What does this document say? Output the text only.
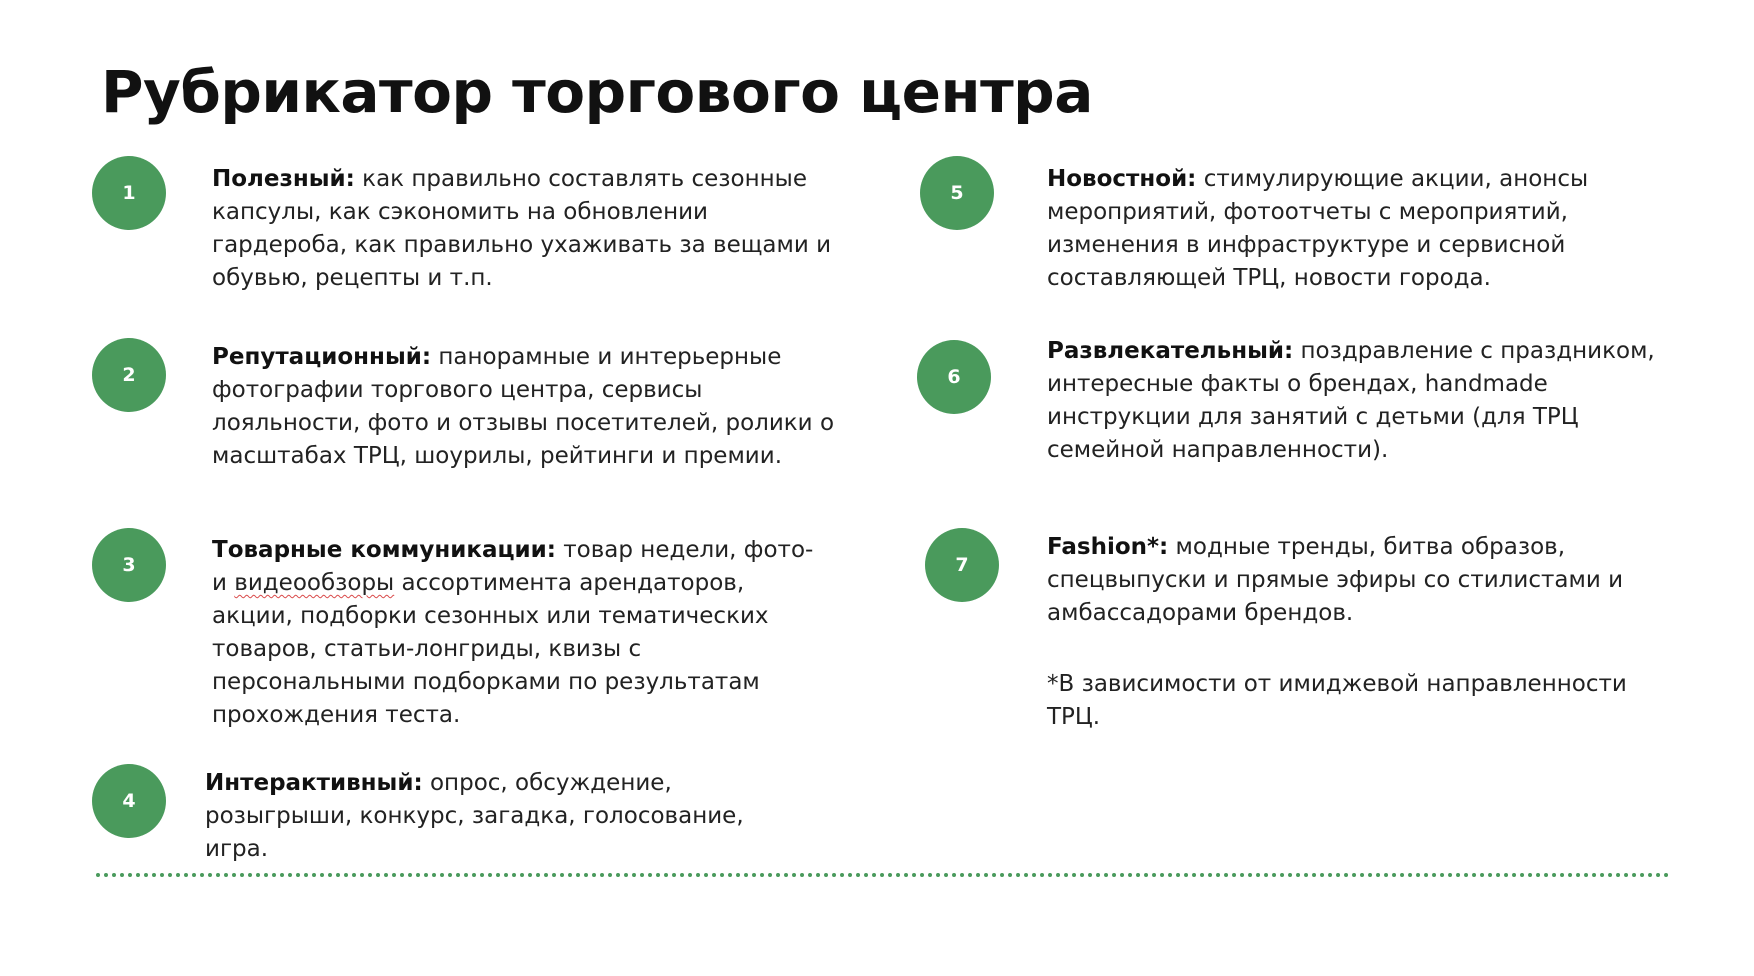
Рубрикатор торгового центра
1
Полезный: как правильно составлять сезонные капсулы, как сэкономить на обновлении гардероба, как правильно ухаживать за вещами и обувью, рецепты и т.п.
2
Репутационный: панорамные и интерьерные фотографии торгового центра, сервисы лояльности, фото и отзывы посетителей, ролики о масштабах ТРЦ, шоурилы, рейтинги и премии.
3
Товарные коммуникации: товар недели, фото- и видеообзоры ассортимента арендаторов, акции, подборки сезонных или тематических товаров, статьи-лонгриды, квизы с персональными подборками по результатам прохождения теста.
4
Интерактивный: опрос, обсуждение, розыгрыши, конкурс, загадка, голосование, игра.
5
Новостной: стимулирующие акции, анонсы мероприятий, фотоотчеты с мероприятий, изменения в инфраструктуре и сервисной составляющей ТРЦ, новости города.
6
Развлекательный: поздравление с праздником, интересные факты о брендах, handmade инструкции для занятий с детьми (для ТРЦ семейной направленности).
7
Fashion*: модные тренды, битва образов, спецвыпуски и прямые эфиры со стилистами и амбассадорами брендов.
*В зависимости от имиджевой направленности ТРЦ.
